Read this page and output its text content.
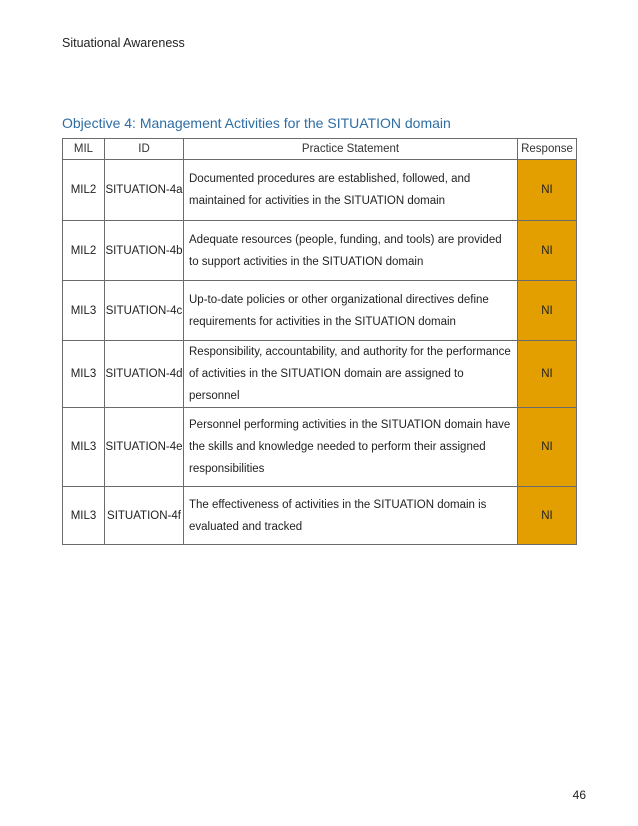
Situational Awareness
Objective 4: Management Activities for the SITUATION domain
MIL	ID	Practice Statement	Response
MIL2	SITUATION-4a	Documented procedures are established, followed, and maintained for activities in the SITUATION domain	NI
MIL2	SITUATION-4b	Adequate resources (people, funding, and tools) are provided to support activities in the SITUATION domain	NI
MIL3	SITUATION-4c	Up-to-date policies or other organizational directives define requirements for activities in the SITUATION domain	NI
MIL3	SITUATION-4d	Responsibility, accountability, and authority for the performance of activities in the SITUATION domain are assigned to personnel	NI
MIL3	SITUATION-4e	Personnel performing activities in the SITUATION domain have the skills and knowledge needed to perform their assigned responsibilities	NI
MIL3	SITUATION-4f	The effectiveness of activities in the SITUATION domain is evaluated and tracked	NI
46
